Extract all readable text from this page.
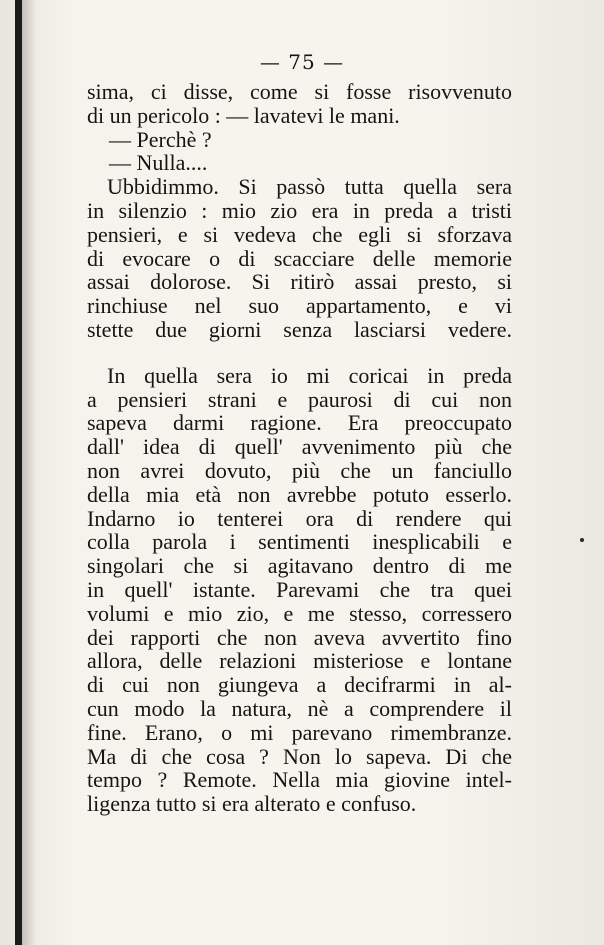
— 75 —
sima, ci disse, come si fosse risovvenuto
di un pericolo : — lavatevi le mani.
— Perchè ?
— Nulla....
Ubbidimmo. Si passò tutta quella sera
in silenzio : mio zio era in preda a tristi
pensieri, e si vedeva che egli si sforzava
di evocare o di scacciare delle memorie
assai dolorose. Si ritirò assai presto, si
rinchiuse nel suo appartamento, e vi
stette due giorni senza lasciarsi vedere.
In quella sera io mi coricai in preda
a pensieri strani e paurosi di cui non
sapeva darmi ragione. Era preoccupato
dall' idea di quell' avvenimento più che
non avrei dovuto, più che un fanciullo
della mia età non avrebbe potuto esserlo.
Indarno io tenterei ora di rendere qui
colla parola i sentimenti inesplicabili e
singolari che si agitavano dentro di me
in quell' istante. Parevami che tra quei
volumi e mio zio, e me stesso, corressero
dei rapporti che non aveva avvertito fino
allora, delle relazioni misteriose e lontane
di cui non giungeva a decifrarmi in al-
cun modo la natura, nè a comprendere il
fine. Erano, o mi parevano rimembranze.
Ma di che cosa ? Non lo sapeva. Di che
tempo ? Remote. Nella mia giovine intel-
ligenza tutto si era alterato e confuso.
